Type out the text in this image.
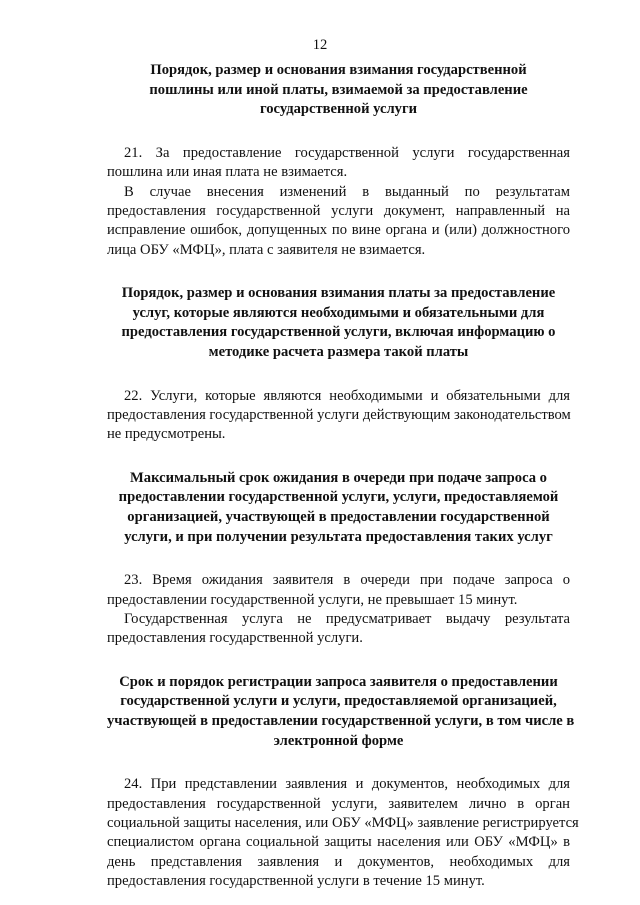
12
Порядок, размер и основания взимания государственной
пошлины или иной платы, взимаемой за предоставление
государственной услуги
21. За предоставление государственной услуги государственная
пошлина или иная плата не взимается.
В случае внесения изменений в выданный по результатам
предоставления государственной услуги документ, направленный на
исправление ошибок, допущенных по вине органа и (или) должностного
лица ОБУ «МФЦ», плата с заявителя не взимается.
Порядок, размер и основания взимания платы за предоставление
услуг, которые являются необходимыми и обязательными для
предоставления государственной услуги, включая информацию о
методике расчета размера такой платы
22. Услуги, которые являются необходимыми и обязательными для
предоставления государственной услуги действующим законодательством
не предусмотрены.
Максимальный срок ожидания в очереди при подаче запроса о
предоставлении государственной услуги, услуги, предоставляемой
организацией, участвующей в предоставлении государственной
услуги, и при получении результата предоставления таких услуг
23. Время ожидания заявителя в очереди при подаче запроса о
предоставлении государственной услуги, не превышает 15 минут.
Государственная услуга не предусматривает выдачу результата
предоставления государственной услуги.
Срок и порядок регистрации запроса заявителя о предоставлении
государственной услуги и услуги, предоставляемой организацией,
участвующей в предоставлении государственной услуги, в том числе в
электронной форме
24. При представлении заявления и документов, необходимых для
предоставления государственной услуги, заявителем лично в орган
социальной защиты населения, или ОБУ «МФЦ» заявление регистрируется
специалистом органа социальной защиты населения или ОБУ «МФЦ» в
день представления заявления и документов, необходимых для
предоставления государственной услуги в течение 15 минут.
